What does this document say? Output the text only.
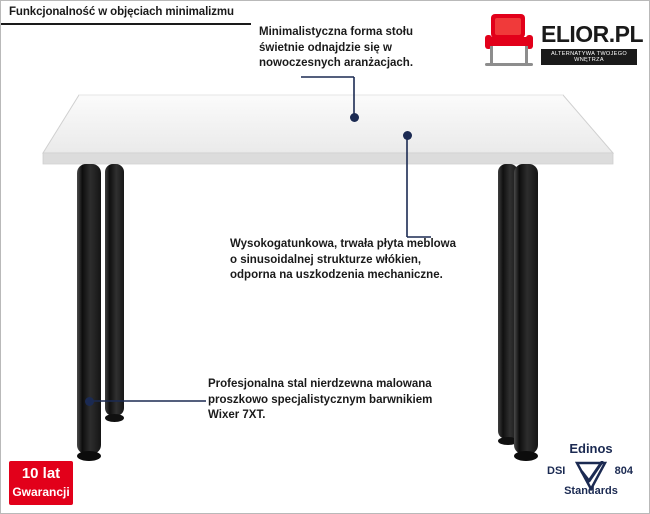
Funkcjonalność w objęciach minimalizmu
Minimalistyczna forma stołu świetnie odnajdzie się w nowoczesnych aranżacjach.
Wysokogatunkowa, trwała płyta meblowa o sinusoidalnej strukturze włókien, odporna na uszkodzenia mechaniczne.
Profesjonalna stal nierdzewna malowana proszkowo specjalistycznym barwnikiem Wixer 7XT.
ELIOR.PL
ALTERNATYWA TWOJEGO WNĘTRZA
10 lat
Gwarancji
Edinos
DSI	804
Standards
